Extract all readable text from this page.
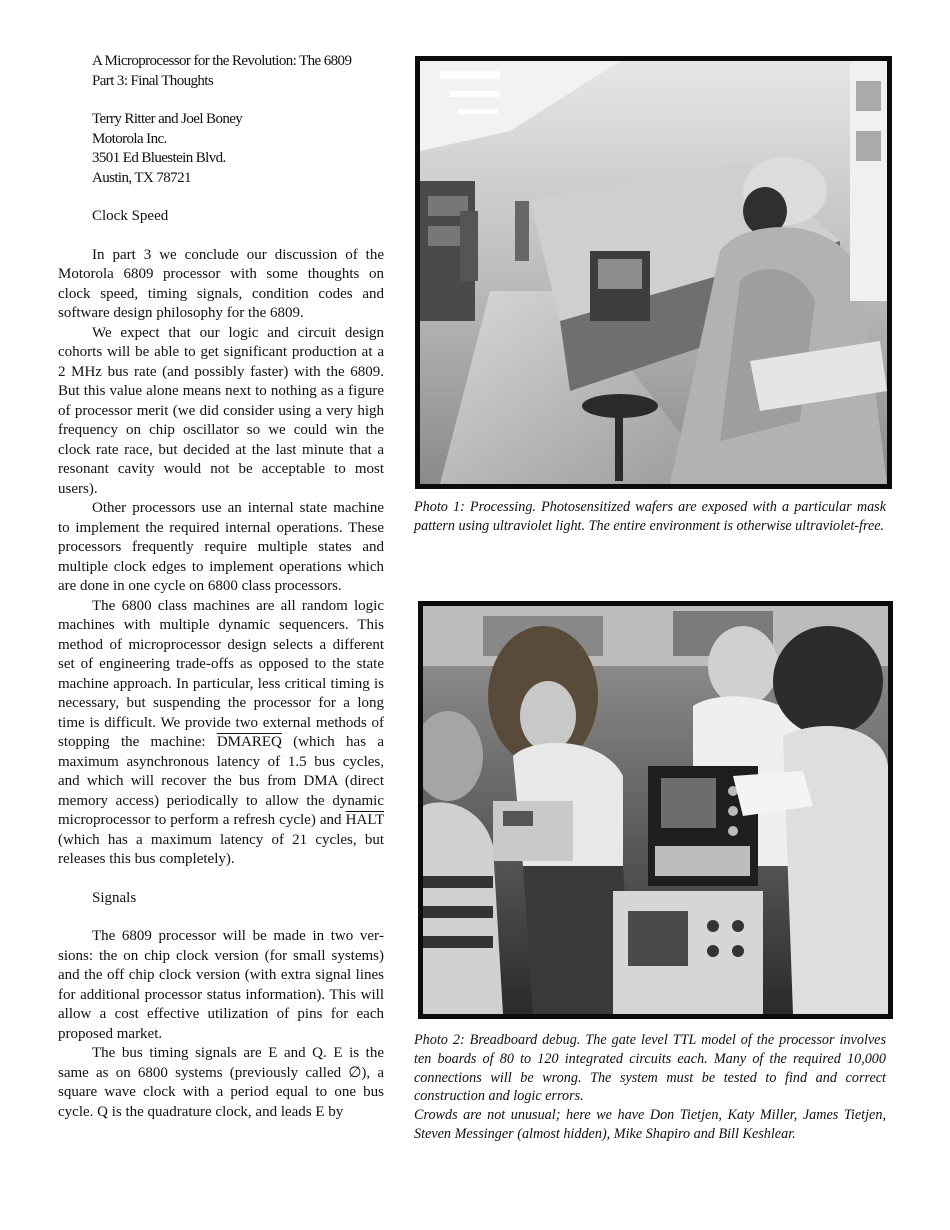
A Microprocessor for the Revolution: The 6809
Part 3: Final Thoughts
Terry Ritter and Joel Boney
Motorola Inc.
3501 Ed Bluestein Blvd.
Austin, TX 78721
Clock Speed

In part 3 we conclude our discussion of the Motorola 6809 processor with some thoughts on clock speed, timing signals, condition codes and software design philosophy for the 6809.

We expect that our logic and circuit design cohorts will be able to get significant production at a 2 MHz bus rate (and possibly faster) with the 6809. But this value alone means next to nothing as a figure of processor merit (we did consider using a very high frequency on chip oscillator so we could win the clock rate race, but decided at the last minute that a resonant cavity would not be acceptable to most users).

Other processors use an internal state machine to implement the required internal operations. These processors frequently require multiple states and multiple clock edges to implement operations which are done in one cycle on 6800 class processors.

The 6800 class machines are all random logic machines with multiple dynamic sequencers. This method of microprocessor design selects a different set of engineering trade-offs as opposed to the state machine approach. In particular, less critical timing is necessary, but suspending the processor for a long time is difficult. We provide two external methods of stopping the machine: DMAREQ (which has a maximum asynchronous latency of 1.5 bus cycles, and which will recover the bus from DMA (direct memory access) periodically to allow the dynamic microprocessor to perform a refresh cycle) and HALT (which has a maximum latency of 21 cycles, but releases this bus completely).

Signals

The 6809 processor will be made in two versions: the on chip clock version (for small systems) and the off chip clock version (with extra signal lines for additional processor status information). This will allow a cost effective utilization of pins for each proposed market.

The bus timing signals are E and Q. E is the same as on 6800 systems (previously called ∅), a square wave clock with a period equal to one bus cycle. Q is the quadrature clock, and leads E by

Photo 1: Processing. Photosensitized wafers are exposed with a particular mask pattern using ultraviolet light. The entire environment is otherwise ultraviolet-free.

Photo 2: Breadboard debug. The gate level TTL model of the processor involves ten boards of 80 to 120 integrated circuits each. Many of the required 10,000 connections will be wrong. The system must be tested to find and correct construction and logic errors.

Crowds are not unusual; here we have Don Tietjen, Katy Miller, James Tietjen, Steven Messinger (almost hidden), Mike Shapiro and Bill Keshlear.
